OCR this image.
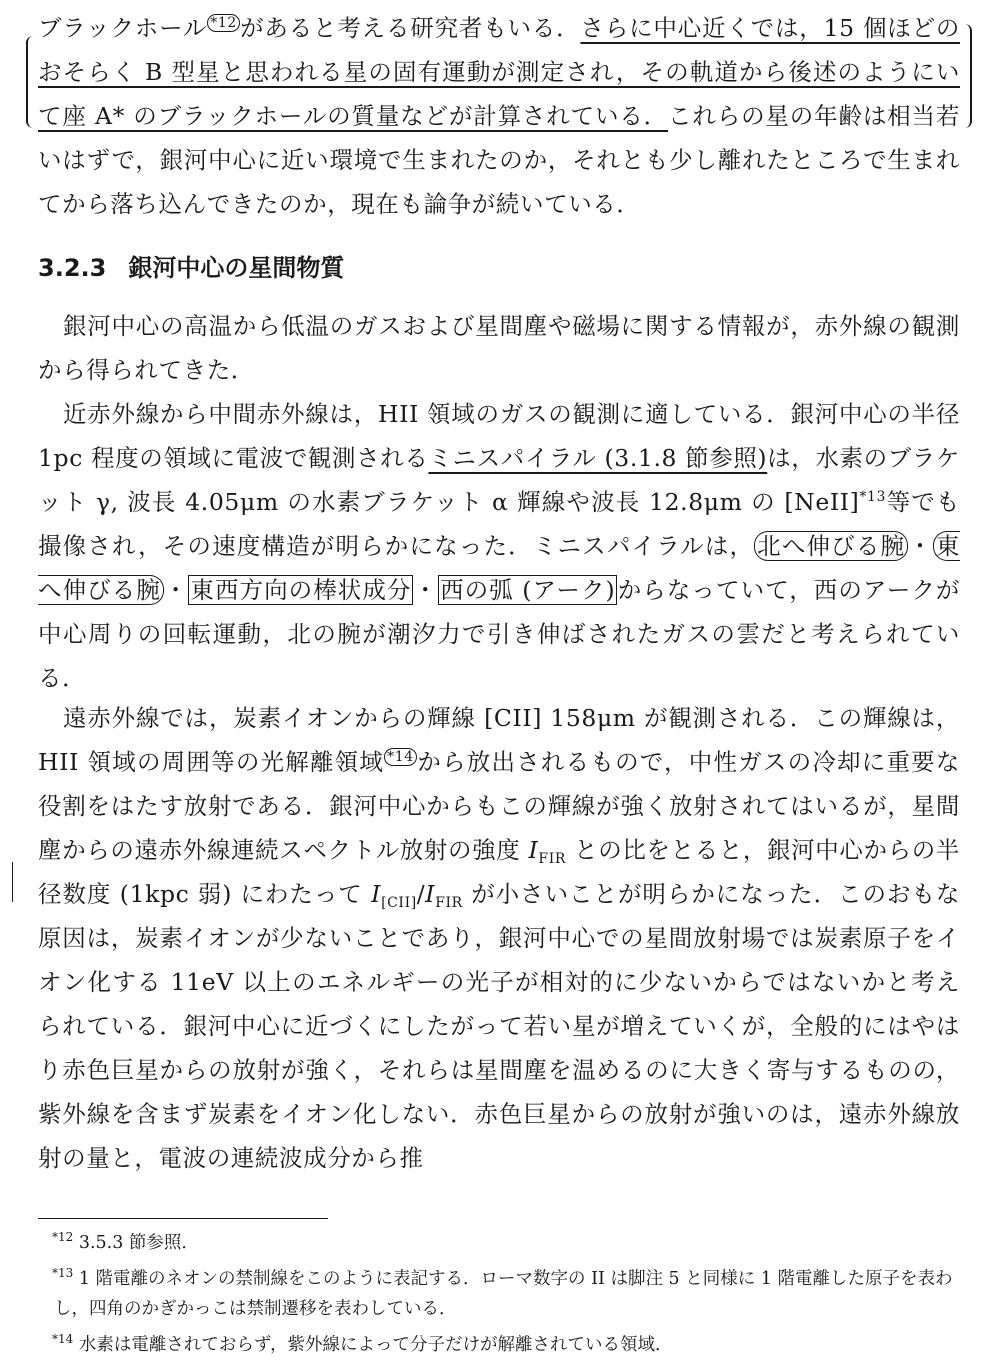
ブラックホール $^{*12}$ があると考える研究者もいる．さらに中心近くでは，15 個ほどのおそらく B 型星と思われる星の固有運動が測定され，その軌道から後述のようにいて座 A* のブラックホールの質量などが計算されている．これらの星の年齢は相当若いはずで，銀河中心に近い環境で生まれたのか，それとも少し離れたところで生まれてから落ち込んできたのか，現在も論争が続いている．

3.2.3 銀河中心の星間物質

銀河中心の高温から低温のガスおよび星間塵や磁場に関する情報が，赤外線の観測から得られてきた．

近赤外線から中間赤外線は，HII 領域のガスの観測に適している．銀河中心の半径 1pc 程度の領域に電波で観測されるミニスパイラル (3.1.8 節参照)は，水素のブラケット γ, 波長 4.05μm の水素ブラケット α 輝線や波長 12.8μm の [NeII]$^{*13}$等でも撮像され，その速度構造が明らかになった．ミニスパイラルは， 北へ伸びる腕 ・ 東へ伸びる腕 ・東西方向の棒状成分・西の弧 (アーク)からなっていて，西のアークが中心周りの回転運動，北の腕が潮汐力で引き伸ばされたガスの雲だと考えられている．

遠赤外線では，炭素イオンからの輝線 [CII] 158μm が観測される．この輝線は，HII 領域の周囲等の光解離領域 $^{*14}$ から放出されるもので，中性ガスの冷却に重要な役割をはたす放射である．銀河中心からもこの輝線が強く放射されてはいるが，星間塵からの遠赤外線連続スペクトル放射の強度 $I_{FIR}$ との比をとると，銀河中心からの半径数度 (1kpc 弱) にわたって $I_{[CII]}/I_{FIR}$ が小さいことが明らかになった．このおもな原因は，炭素イオンが少ないことであり，銀河中心での星間放射場では炭素原子をイオン化する 11eV 以上のエネルギーの光子が相対的に少ないからではないかと考えられている．銀河中心に近づくにしたがって若い星が増えていくが，全般的にはやはり赤色巨星からの放射が強く，それらは星間塵を温めるのに大きく寄与するものの，紫外線を含まず炭素をイオン化しない．赤色巨星からの放射が強いのは，遠赤外線放射の量と，電波の連続波成分から推

$^{*12}$ 3.5.3 節参照．

$^{*13}$ 1 階電離のネオンの禁制線をこのように表記する．ローマ数字の II は脚注 5 と同様に 1 階電離した原子を表わし，四角のかぎかっこは禁制遷移を表わしている．

$^{*14}$ 水素は電離されておらず，紫外線によって分子だけが解離されている領域．
